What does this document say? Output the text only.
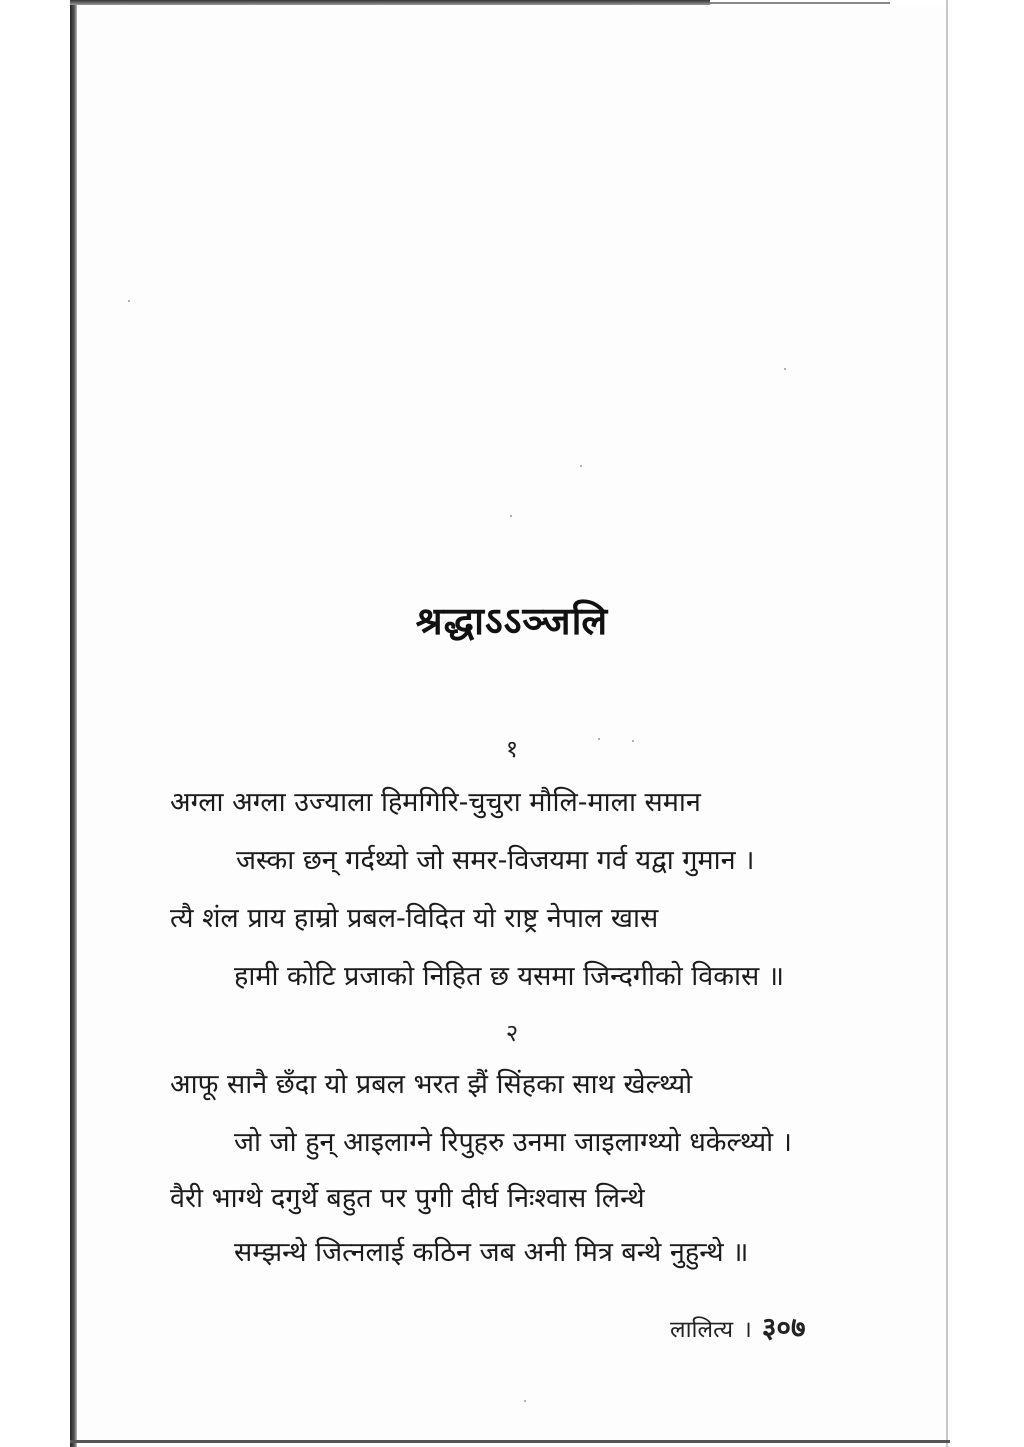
श्रद्धाऽऽञ्जलि
१
अग्ला अग्ला उज्याला हिमगिरि-चुचुरा मौलि-माला समान
जस्का छन् गर्दथ्यो जो समर-विजयमा गर्व यद्वा गुमान ।
त्यै शंल प्राय हाम्रो प्रबल-विदित यो राष्ट्र नेपाल खास
हामी कोटि प्रजाको निहित छ यसमा जिन्दगीको विकास ॥
२
आफू सानै छँदा यो प्रबल भरत झैं सिंहका साथ खेल्थ्यो
जो जो हुन् आइलाग्ने रिपुहरु उनमा जाइलाग्थ्यो धकेल्थ्यो ।
वैरी भाग्थे दगुर्थे बहुत पर पुगी दीर्घ निःश्वास लिन्थे
सम्झन्थे जित्नलाई कठिन जब अनी मित्र बन्थे नुहुन्थे ॥
लालित्य । ३०७
